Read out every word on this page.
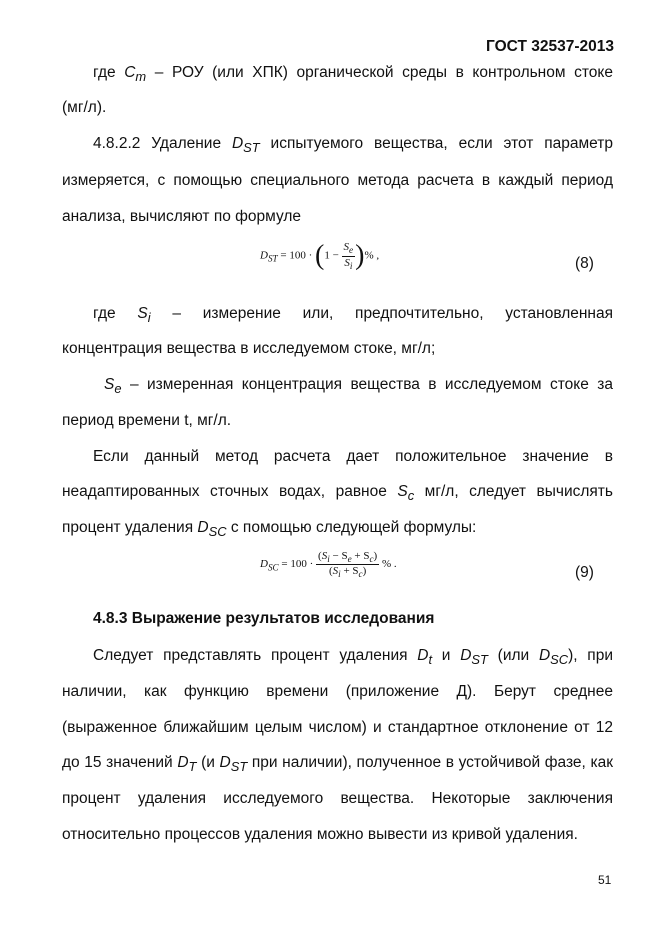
ГОСТ 32537-2013
где $C_m$ – РОУ (или ХПК) органической среды в контрольном стоке
(мг/л).
4.8.2.2 Удаление $D_{ST}$ испытуемого вещества, если этот параметр
измеряется, с помощью специального метода расчета в каждый период
анализа, вычисляют по формуле
$D_{ST} = 100 \cdot (1 - \frac{S_e}{S_i}$ )% ,	(8)
где $S_i$ – измерение или, предпочтительно, установленная
концентрация вещества в исследуемом стоке, мг/л;
$S_e$ – измеренная концентрация вещества в исследуемом стоке за
период времени t, мг/л.
Если данный метод расчета дает положительное значение в
неадаптированных сточных водах, равное $S_c$ мг/л, следует вычислять
процент удаления $D_{SC}$ с помощью следующей формулы:
$D_{SC} = 100 \cdot \frac{(S_i - S_e + S_c)}{(S_i + S_c)}$ % .	(9)
4.8.3 Выражение результатов исследования
Следует представлять процент удаления $D_t$ и $D_{ST}$ (или $D_{SC}$), при
наличии, как функцию времени (приложение Д). Берут среднее
(выраженное ближайшим целым числом) и стандартное отклонение от 12
до 15 значений $D_T$ (и $D_{ST}$ при наличии), полученное в устойчивой фазе, как
процент удаления исследуемого вещества. Некоторые заключения
относительно процессов удаления можно вывести из кривой удаления.
51
